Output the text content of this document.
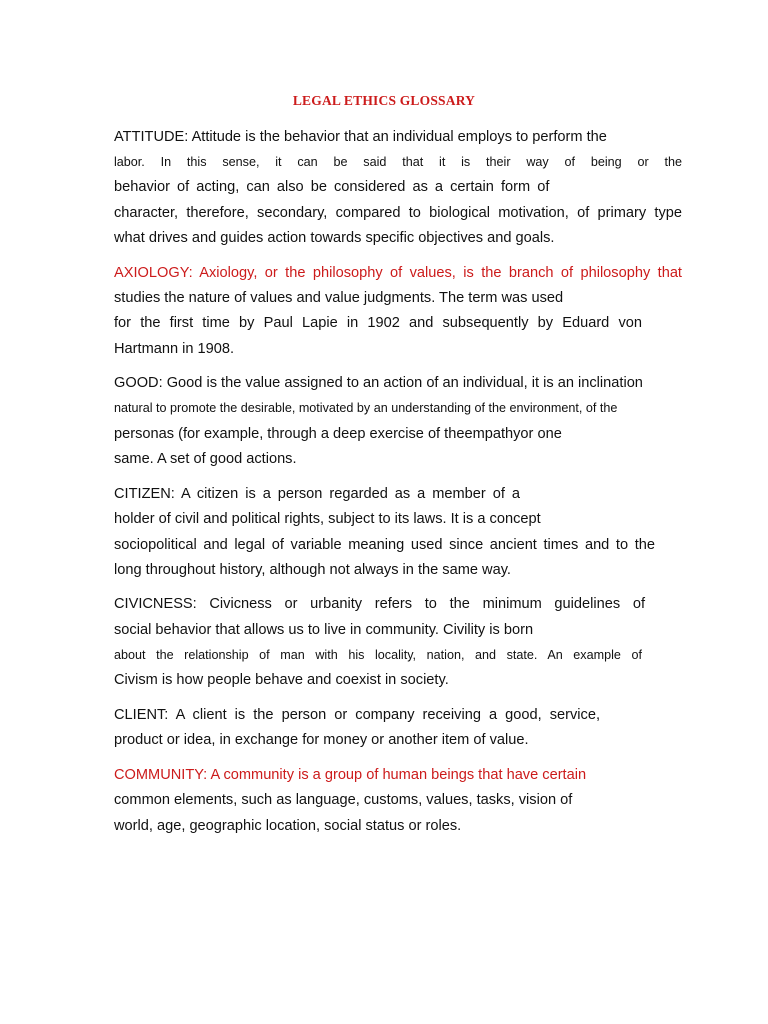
LEGAL ETHICS GLOSSARY
ATTITUDE: Attitude is the behavior that an individual employs to perform the
labor. In this sense, it can be said that it is their way of being or the
behavior of acting, can also be considered as a certain form of
character, therefore, secondary, compared to biological motivation, of primary type
what drives and guides action towards specific objectives and goals.
AXIOLOGY: Axiology, or the philosophy of values, is the branch of philosophy that
studies the nature of values and value judgments. The term was used
for the first time by Paul Lapie in 1902 and subsequently by Eduard von
Hartmann in 1908.
GOOD: Good is the value assigned to an action of an individual, it is an inclination
natural to promote the desirable, motivated by an understanding of the environment, of the
personas (for example, through a deep exercise of theempathyor one
same. A set of good actions.
CITIZEN: A citizen is a person regarded as a member of a
holder of civil and political rights, subject to its laws. It is a concept
sociopolitical and legal of variable meaning used since ancient times and to the
long throughout history, although not always in the same way.
CIVICNESS: Civicness or urbanity refers to the minimum guidelines of
social behavior that allows us to live in community. Civility is born
about the relationship of man with his locality, nation, and state. An example of
Civism is how people behave and coexist in society.
CLIENT: A client is the person or company receiving a good, service,
product or idea, in exchange for money or another item of value.
COMMUNITY: A community is a group of human beings that have certain
common elements, such as language, customs, values, tasks, vision of
world, age, geographic location, social status or roles.
